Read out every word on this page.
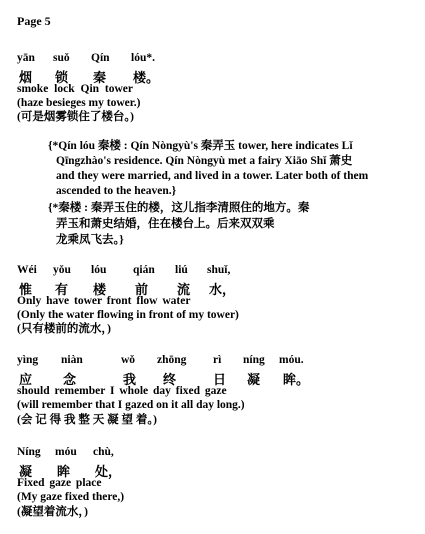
Page 5
yān suǒ Qín lóu*.
烟 锁 秦 楼。
smoke lock Qin tower
(haze besieges my tower.)
(可是烟雾锁住了楼台。)
{*Qín lóu 秦楼 : Qín Nòngyù's 秦弄玉 tower, here indicates Lǐ
Qīngzhào's residence. Qín Nòngyù met a fairy Xiāo Shǐ 萧史
and they were married, and lived in a tower. Later both of them
ascended to the heaven.}
{*秦楼 : 秦弄玉住的楼，这儿指李清照住的地方。秦
弄玉和萧史结婚，住在楼台上。后来双双乘
龙乘凤飞去。}
Wéi yǒu lóu qián liú shuǐ,
惟 有 楼 前 流 水，
Only have tower front flow water
(Only the water flowing in front of my tower)
(只有楼前的流水，)
yìng niàn	wǒ zhōng rì níng móu.
应 念	我 终	日 凝 眸。
should remember I whole day fixed gaze
(will remember that I gazed on it all day long.)
(会 记 得 我 整 天 凝 望 着。)
Níng móu chù,
凝 眸 处，
Fixed gaze place
(My gaze fixed there,)
(凝望着流水，)
